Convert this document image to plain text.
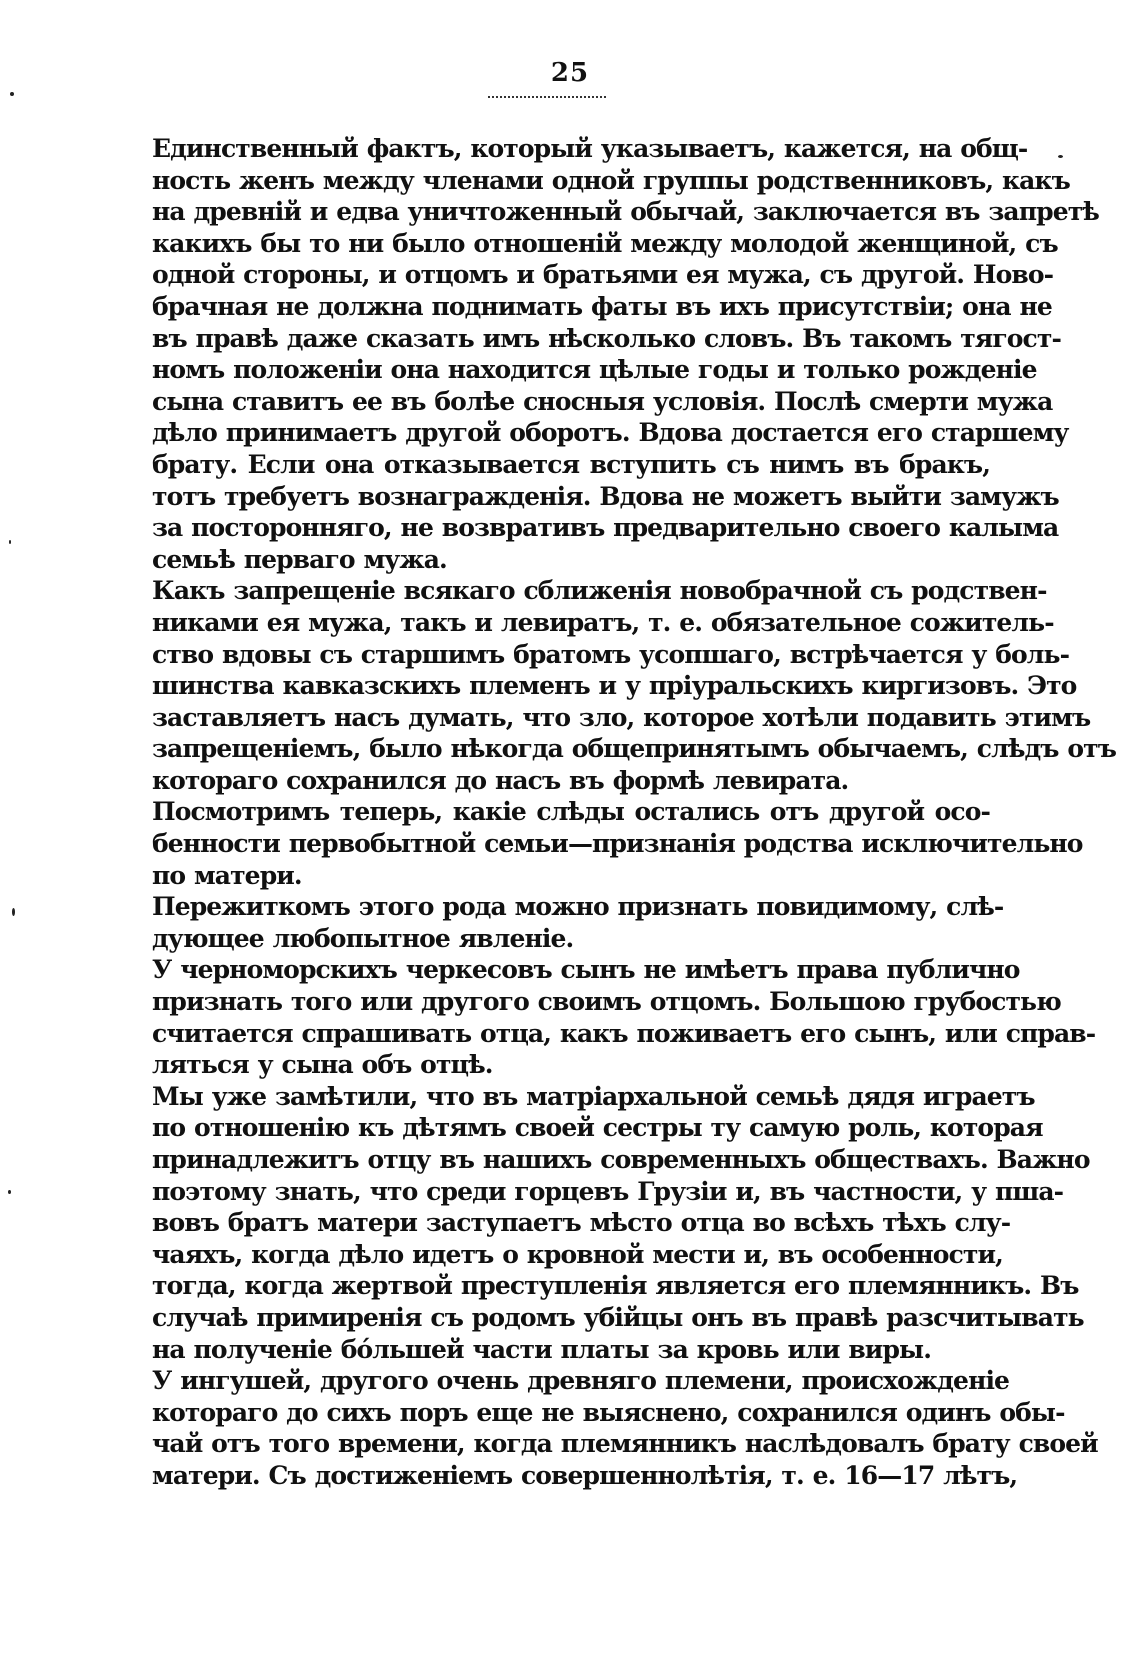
25
Единственный фактъ, который указываетъ, кажется, на общ-
ность женъ между членами одной группы родственниковъ, какъ
на древній и едва уничтоженный обычай, заключается въ запретѣ
какихъ бы то ни было отношеній между молодой женщиной, съ
одной стороны, и отцомъ и братьями ея мужа, съ другой. Ново-
брачная не должна поднимать фаты въ ихъ присутствіи; она не
въ правѣ даже сказать имъ нѣсколько словъ. Въ такомъ тягост-
номъ положеніи она находится цѣлые годы и только рожденіе
сына ставитъ ее въ болѣе сносныя условія. Послѣ смерти мужа
дѣло принимаетъ другой оборотъ. Вдова достается его старшему
брату. Если она отказывается вступить съ нимъ въ бракъ,
тотъ требуетъ вознагражденія. Вдова не можетъ выйти замужъ
за посторонняго, не возвративъ предварительно своего калыма
семьѣ перваго мужа.
Какъ запрещеніе всякаго сближенія новобрачной съ родствен-
никами ея мужа, такъ и левиратъ, т. е. обязательное сожитель-
ство вдовы съ старшимъ братомъ усопшаго, встрѣчается у боль-
шинства кавказскихъ племенъ и у пріуральскихъ киргизовъ. Это
заставляетъ насъ думать, что зло, которое хотѣли подавить этимъ
запрещеніемъ, было нѣкогда общепринятымъ обычаемъ, слѣдъ отъ
котораго сохранился до насъ въ формѣ левирата.
Посмотримъ теперь, какіе слѣды остались отъ другой осо-
бенности первобытной семьи—признанія родства исключительно
по матери.
Пережиткомъ этого рода можно признать повидимому, слѣ-
дующее любопытное явленіе.
У черноморскихъ черкесовъ сынъ не имѣетъ права публично
признать того или другого своимъ отцомъ. Большою грубостью
считается спрашивать отца, какъ поживаетъ его сынъ, или справ-
ляться у сына объ отцѣ.
Мы уже замѣтили, что въ матріархальной семьѣ дядя играетъ
по отношенію къ дѣтямъ своей сестры ту самую роль, которая
принадлежитъ отцу въ нашихъ современныхъ обществахъ. Важно
поэтому знать, что среди горцевъ Грузіи и, въ частности, у пша-
вовъ братъ матери заступаетъ мѣсто отца во всѣхъ тѣхъ слу-
чаяхъ, когда дѣло идетъ о кровной мести и, въ особенности,
тогда, когда жертвой преступленія является его племянникъ. Въ
случаѣ примиренія съ родомъ убійцы онъ въ правѣ разсчитывать
на полученіе бóльшей части платы за кровь или виры.
У ингушей, другого очень древняго племени, происхожденіе
котораго до сихъ поръ еще не выяснено, сохранился одинъ обы-
чай отъ того времени, когда племянникъ наслѣдовалъ брату своей
матери. Съ достиженіемъ совершеннолѣтія, т. е. 16—17 лѣтъ,
